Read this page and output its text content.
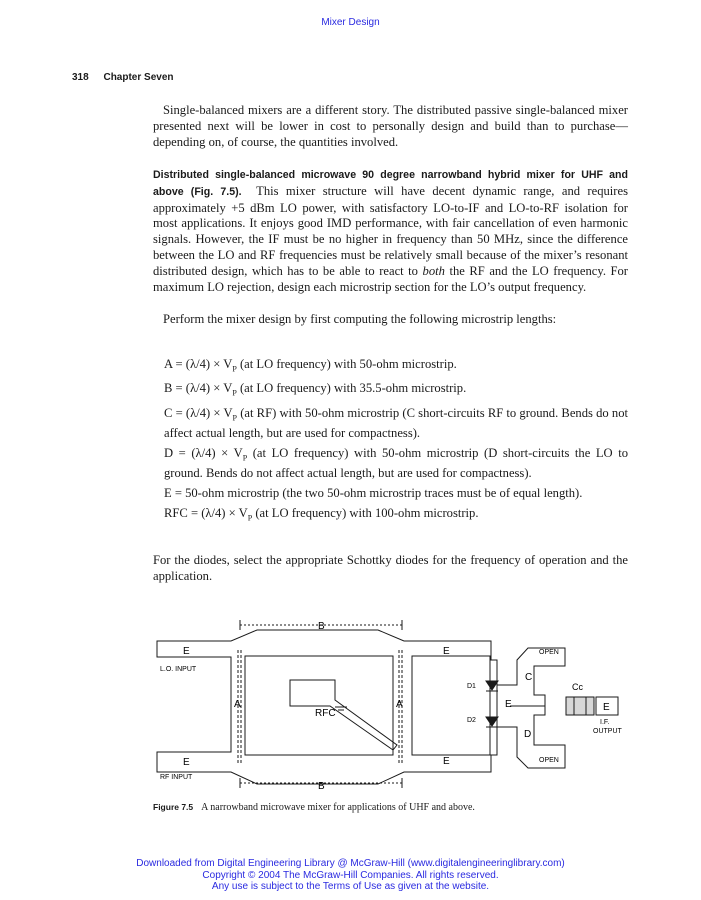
Mixer Design
318 Chapter Seven
Single-balanced mixers are a different story. The distributed passive single-balanced mixer presented next will be lower in cost to personally design and build than to purchase—depending on, of course, the quantities involved.
Distributed single-balanced microwave 90 degree narrowband hybrid mixer for UHF and above (Fig. 7.5). This mixer structure will have decent dynamic range, and requires approximately +5 dBm LO power, with satisfactory LO-to-IF and LO-to-RF isolation for most applications. It enjoys good IMD performance, with fair cancellation of even harmonic signals. However, the IF must be no higher in frequency than 50 MHz, since the difference between the LO and RF frequencies must be relatively small because of the mixer’s resonant distributed design, which has to be able to react to both the RF and the LO frequency. For maximum LO rejection, design each microstrip section for the LO’s output frequency.
Perform the mixer design by first computing the following microstrip lengths:
$A = (\lambda/4) \times V_P$ (at LO frequency) with 50-ohm microstrip.
$B = (\lambda/4) \times V_P$ (at LO frequency) with 35.5-ohm microstrip.
$C = (\lambda/4) \times V_P$ (at RF) with 50-ohm microstrip (C short-circuits RF to ground. Bends do not affect actual length, but are used for compactness).
$D = (\lambda/4) \times V_P$ (at LO frequency) with 50-ohm microstrip (D short-circuits the LO to ground. Bends do not affect actual length, but are used for compactness).
E = 50-ohm microstrip (the two 50-ohm microstrip traces must be of equal length).
RFC = $(\lambda/4) \times V_P$ (at LO frequency) with 100-ohm microstrip.
For the diodes, select the appropriate Schottky diodes for the frequency of operation and the application.
B
B
E
L.O. INPUT
E
RF INPUT
A	A
RFC
E
E
D1
D2
E
C
D
OPEN
OPEN
Cc
E
I.F.
OUTPUT
Figure 7.5 A narrowband microwave mixer for applications of UHF and above.
Downloaded from Digital Engineering Library @ McGraw-Hill (www.digitalengineeringlibrary.com)
Copyright © 2004 The McGraw-Hill Companies. All rights reserved.
Any use is subject to the Terms of Use as given at the website.
